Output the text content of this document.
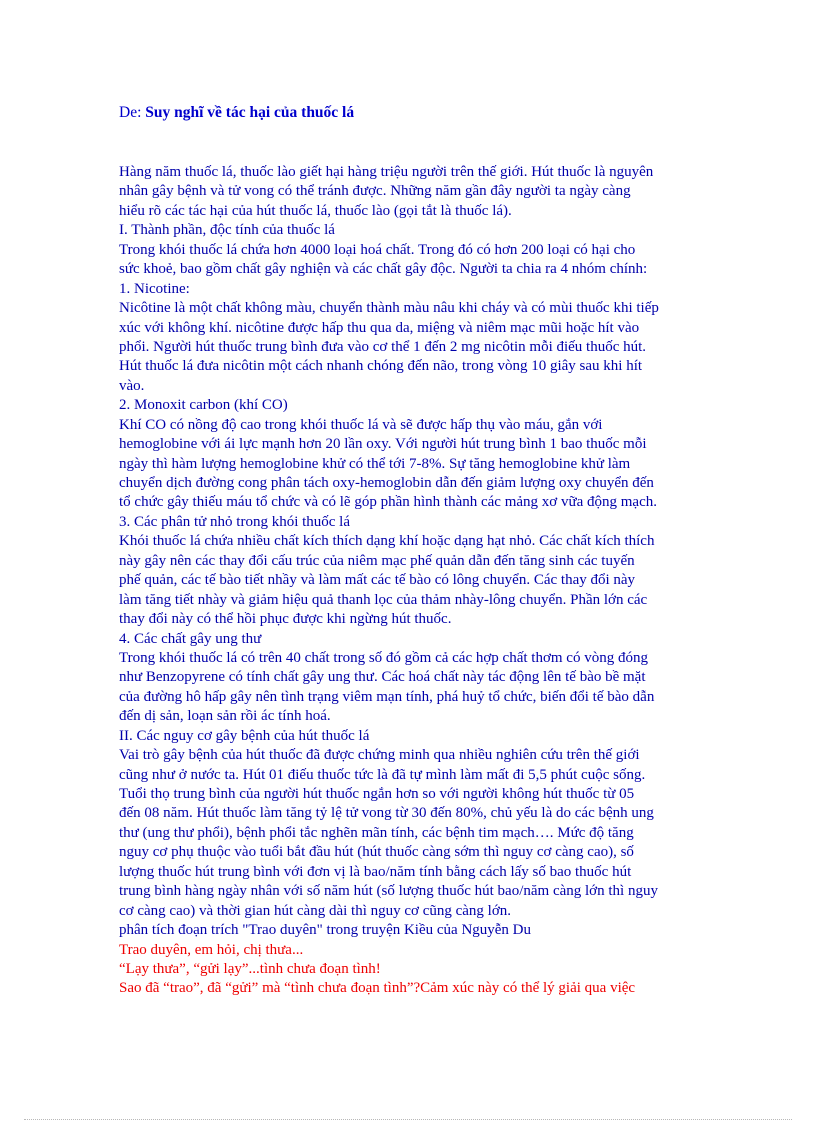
De: Suy nghĩ về tác hại của thuốc lá
Hàng năm thuốc lá, thuốc lào giết hại hàng triệu người trên thế giới. Hút thuốc là nguyên
nhân gây bệnh và tử vong có thể tránh được. Những năm gần đây người ta ngày càng
hiểu rõ các tác hại của hút thuốc lá, thuốc lào (gọi tắt là thuốc lá).
I. Thành phần, độc tính của thuốc lá
Trong khói thuốc lá chứa hơn 4000 loại hoá chất. Trong đó có hơn 200 loại có hại cho
sức khoẻ, bao gồm chất gây nghiện và các chất gây độc. Người ta chia ra 4 nhóm chính:
1. Nicotine:
Nicôtine là một chất không màu, chuyển thành màu nâu khi cháy và có mùi thuốc khi tiếp
xúc với không khí. nicôtine được hấp thu qua da, miệng và niêm mạc mũi hoặc hít vào
phổi. Người hút thuốc trung bình đưa vào cơ thể 1 đến 2 mg nicôtin mỗi điếu thuốc hút.
Hút thuốc lá đưa nicôtin một cách nhanh chóng đến não, trong vòng 10 giây sau khi hít
vào.
2. Monoxit carbon (khí CO)
Khí CO có nồng độ cao trong khói thuốc lá và sẽ được hấp thụ vào máu, gắn với
hemoglobine với ái lực mạnh hơn 20 lần oxy. Với người hút trung bình 1 bao thuốc mỗi
ngày thì hàm lượng hemoglobine khử có thể tới 7-8%. Sự tăng hemoglobine khử làm
chuyển dịch đường cong phân tách oxy-hemoglobin dẫn đến giảm lượng oxy chuyển đến
tổ chức gây thiếu máu tổ chức và có lẽ góp phần hình thành các mảng xơ vữa động mạch.
3. Các phân tử nhỏ trong khói thuốc lá
Khói thuốc lá chứa nhiều chất kích thích dạng khí hoặc dạng hạt nhỏ. Các chất kích thích
này gây nên các thay đổi cấu trúc của niêm mạc phế quản dẫn đến tăng sinh các tuyến
phế quản, các tế bào tiết nhầy và làm mất các tế bào có lông chuyển. Các thay đổi này
làm tăng tiết nhày và giảm hiệu quả thanh lọc của thảm nhày-lông chuyển. Phần lớn các
thay đổi này có thể hồi phục được khi ngừng hút thuốc.
4. Các chất gây ung thư
Trong khói thuốc lá có trên 40 chất trong số đó gồm cả các hợp chất thơm có vòng đóng
như Benzopyrene có tính chất gây ung thư. Các hoá chất này tác động lên tế bào bề mặt
của đường hô hấp gây nên tình trạng viêm mạn tính, phá huỷ tổ chức, biến đổi tế bào dẫn
đến dị sản, loạn sản rồi ác tính hoá.
II. Các nguy cơ gây bệnh của hút thuốc lá
Vai trò gây bệnh của hút thuốc đã được chứng minh qua nhiều nghiên cứu trên thế giới
cũng như ở nước ta. Hút 01 điếu thuốc tức là đã tự mình làm mất đi 5,5 phút cuộc sống.
Tuổi thọ trung bình của người hút thuốc ngắn hơn so với người không hút thuốc từ 05
đến 08 năm. Hút thuốc làm tăng tỷ lệ tử vong từ 30 đến 80%, chủ yếu là do các bệnh ung
thư (ung thư phổi), bệnh phổi tắc nghẽn mãn tính, các bệnh tim mạch…. Mức độ tăng
nguy cơ phụ thuộc vào tuổi bắt đầu hút (hút thuốc càng sớm thì nguy cơ càng cao), số
lượng thuốc hút trung bình với đơn vị là bao/năm tính bằng cách lấy số bao thuốc hút
trung bình hàng ngày nhân với số năm hút (số lượng thuốc hút bao/năm càng lớn thì nguy
cơ càng cao) và thời gian hút càng dài thì nguy cơ cũng càng lớn.
phân tích đoạn trích "Trao duyên" trong truyện Kiều của Nguyễn Du
Trao duyên, em hỏi, chị thưa...
“Lạy thưa”, “gửi lạy”...tình chưa đoạn tình!
Sao đã “trao”, đã “gửi” mà “tình chưa đoạn tình”?Cảm xúc này có thể lý giải qua việc
